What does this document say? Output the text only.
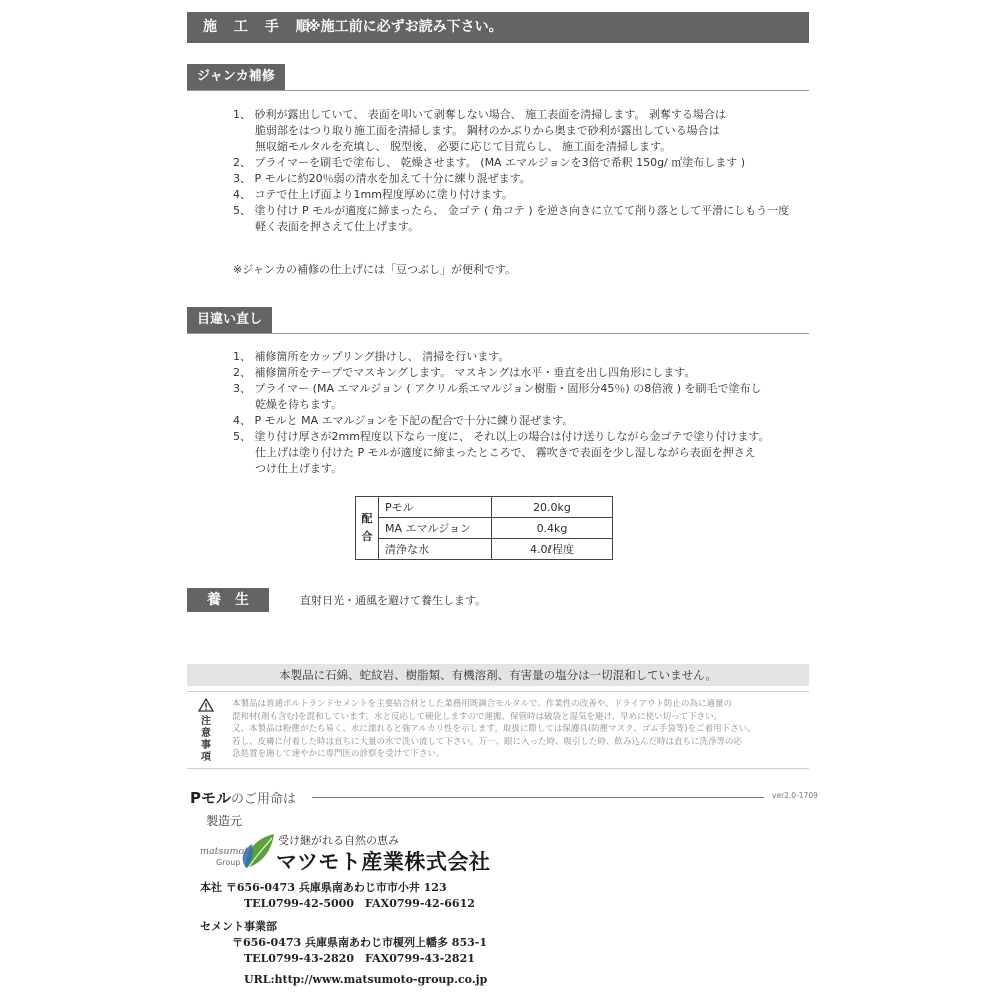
施 工 手 順
※施工前に必ずお読み下さい。
ジャンカ補修
1、 砂利が露出していて、 表面を叩いて剥奪しない場合、 施工表面を清掃します。 剥奪する場合は
　　脆弱部をはつり取り施工面を清掃します。 鋼材のかぶりから奥まで砂利が露出している場合は
　　無収縮モルタルを充填し、 脱型後、 必要に応じて目荒らし、 施工面を清掃します。
2、 プライマーを刷毛で塗布し、 乾燥させます。 (MA エマルジョンを3倍で希釈 150g/ ㎡塗布します )
3、 P モルに約20％弱の清水を加えて十分に練り混ぜます。
4、 コテで仕上げ面より1mm程度厚めに塗り付けます。
5、 塗り付け P モルが適度に締まったら、 金ゴテ ( 角コテ ) を逆さ向きに立てて削り落として平滑にしもう一度
　　軽く表面を押さえて仕上げます。
※ジャンカの補修の仕上げには「豆つぶし」が便利です。
目違い直し
1、 補修箇所をカップリング掛けし、 清掃を行います。
2、 補修箇所をテープでマスキングします。 マスキングは水平・垂直を出し四角形にします。
3、 プライマー (MA エマルジョン ( アクリル系エマルジョン樹脂・固形分45％) の8倍液 ) を刷毛で塗布し
　　乾燥を待ちます。
4、 P モルと MA エマルジョンを下記の配合で十分に練り混ぜます。
5、 塗り付け厚さが2mm程度以下なら一度に、 それ以上の場合は付け送りしながら金ゴテで塗り付けます。
　　仕上げは塗り付けた P モルが適度に締まったところで、 霧吹きで表面を少し湿しながら表面を押さえ
　　つけ仕上げます。
配
合	Pモル	20.0kg
	MA エマルジョン	0.4kg
	清浄な水	4.0ℓ程度
養　生	直射日光・通風を避けて養生します。
本製品に石綿、蛇紋岩、樹脂類、有機溶剤、有害量の塩分は一切混和していません。
注
意
事
項
本製品は普通ポルトランドセメントを主要結合材とした業務用既調合モルタルで、作業性の改善や、ドライアウト防止の為に適量の
混和材(剤も含む)を混和しています。水と反応して硬化しますので運搬、保管時は破袋と湿気を避け、早めに使い切って下さい。
又、本製品は粉塵がたち易く、水に濡れると強アルカリ性を示します。取扱に際しては保護具(防塵マスク、ゴム手袋等)をご着用下さい。
若し、皮膚に付着した時は直ちに大量の水で洗い流して下さい。万一、眼に入った時、吸引した時、飲み込んだ時は直ちに洗浄等の応
急処置を施して速やかに専門医の診察を受けて下さい。
Pモルのご用命は	ver2.0-1709
製造元
matsumoto
Group
受け継がれる自然の恵み
マツモト産業株式会社
本社 〒656-0473 兵庫県南あわじ市市小井 123
TEL0799-42-5000　FAX0799-42-6612
セメント事業部
〒656-0473 兵庫県南あわじ市榎列上幡多 853-1
TEL0799-43-2820　FAX0799-43-2821
URL:http://www.matsumoto-group.co.jp
